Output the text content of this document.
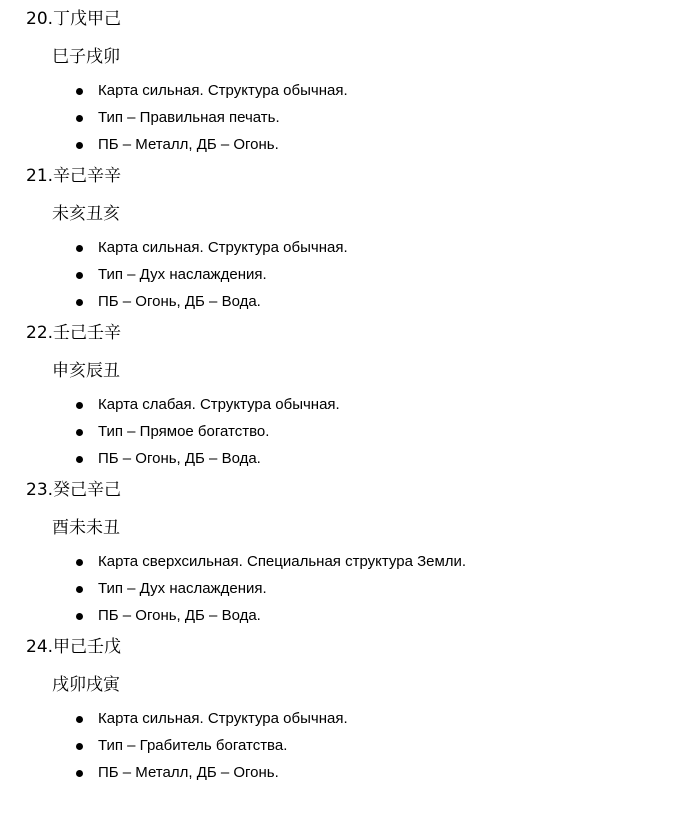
20.丁戊甲己
巳子戌卯
Карта сильная. Структура обычная.
Тип – Правильная печать.
ПБ – Металл, ДБ – Огонь.
21.辛己辛辛
未亥丑亥
Карта сильная. Структура обычная.
Тип – Дух наслаждения.
ПБ – Огонь, ДБ – Вода.
22.壬己壬辛
申亥辰丑
Карта слабая. Структура обычная.
Тип – Прямое богатство.
ПБ – Огонь, ДБ – Вода.
23.癸己辛己
酉未未丑
Карта сверхсильная. Специальная структура Земли.
Тип – Дух наслаждения.
ПБ – Огонь, ДБ – Вода.
24.甲己壬戊
戌卯戌寅
Карта сильная. Структура обычная.
Тип – Грабитель богатства.
ПБ – Металл, ДБ – Огонь.
